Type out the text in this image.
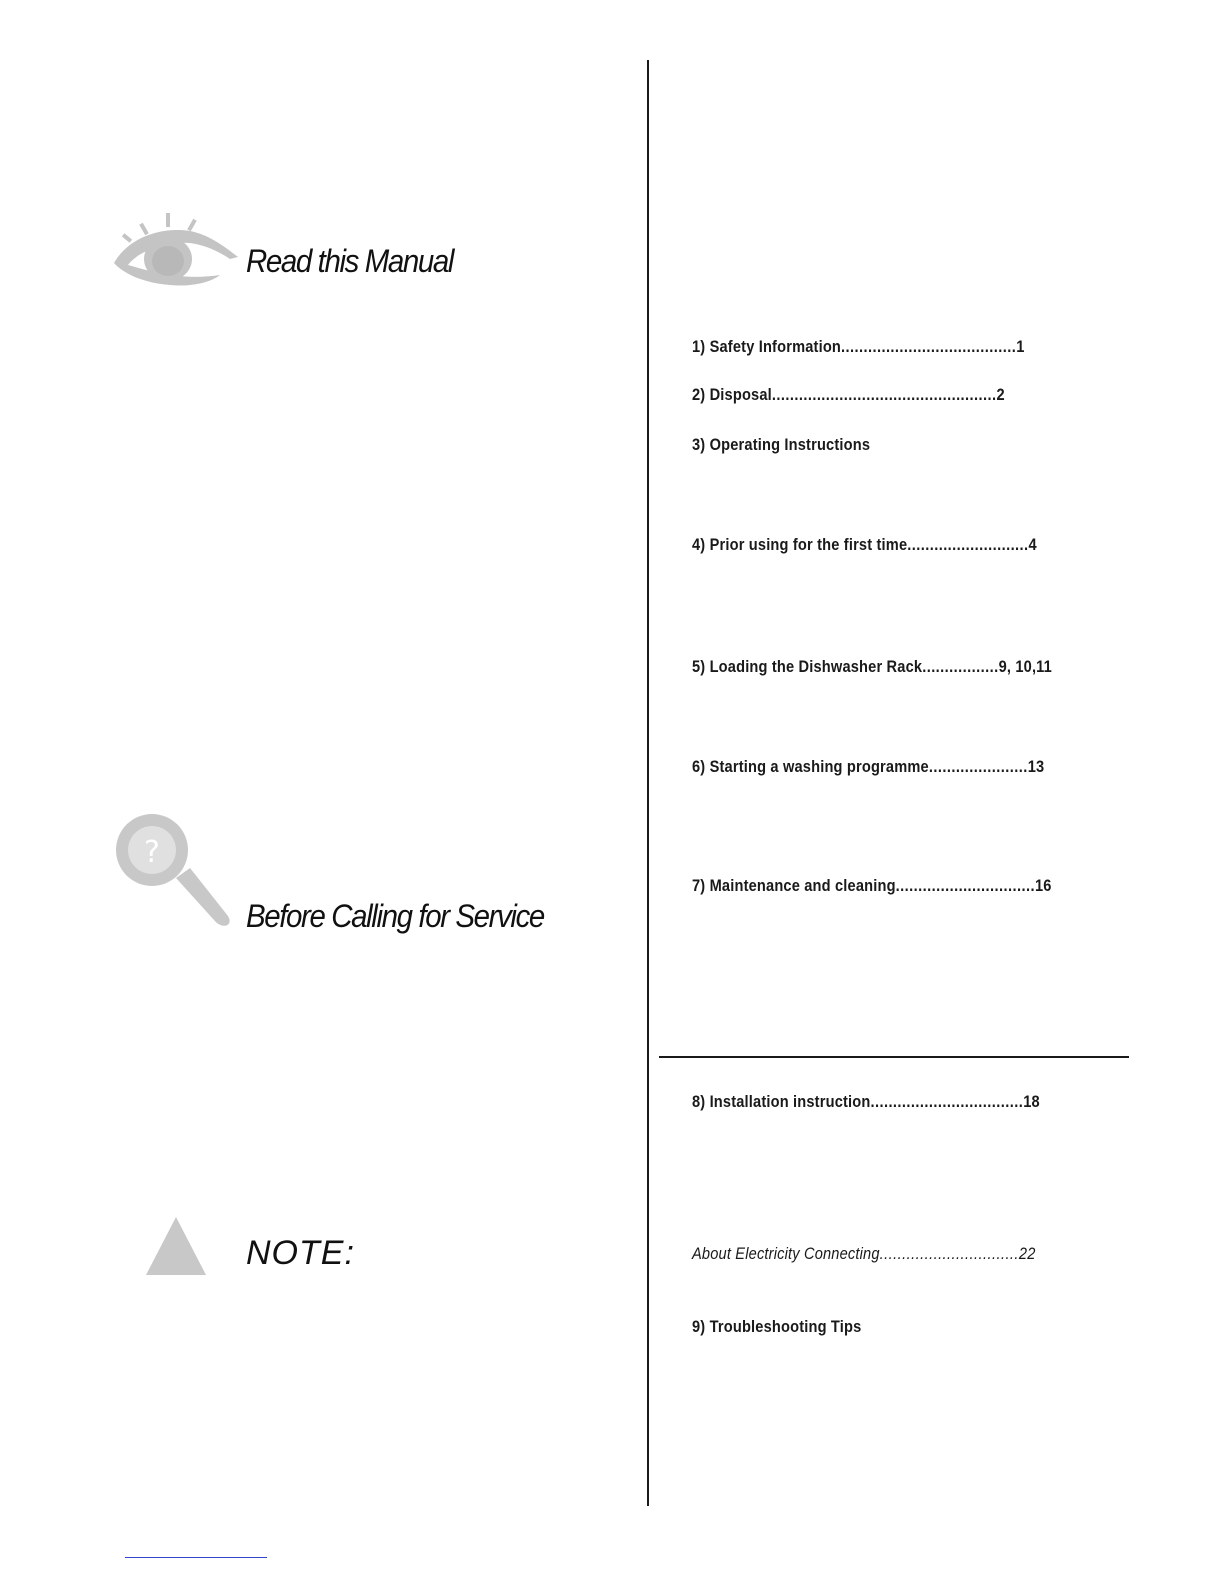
Read this Manual
?
Before Calling for Service
NOTE:
1) Safety Information.......................................1
2) Disposal..................................................2
3) Operating Instructions
4) Prior using for the first time...........................4
5) Loading the Dishwasher Rack.................9, 10,11
6) Starting a washing programme......................13
7) Maintenance and cleaning...............................16
8) Installation instruction..................................18
About Electricity Connecting...............................22
9) Troubleshooting Tips
